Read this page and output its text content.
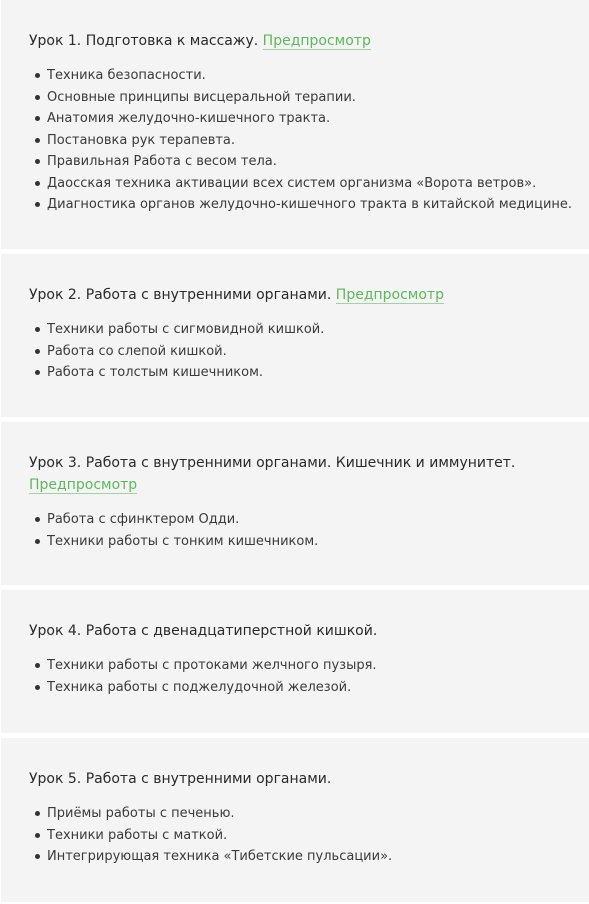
Урок 1. Подготовка к массажу. Предпросмотр
Техника безопасности.
Основные принципы висцеральной терапии.
Анатомия желудочно-кишечного тракта.
Постановка рук терапевта.
Правильная Работа с весом тела.
Даосская техника активации всех систем организма «Ворота ветров».
Диагностика органов желудочно-кишечного тракта в китайской медицине.
Урок 2. Работа с внутренними органами. Предпросмотр
Техники работы с сигмовидной кишкой.
Работа со слепой кишкой.
Работа с толстым кишечником.
Урок 3. Работа с внутренними органами. Кишечник и иммунитет. Предпросмотр
Работа с сфинктером Одди.
Техники работы с тонким кишечником.
Урок 4. Работа с двенадцатиперстной кишкой.
Техники работы с протоками желчного пузыря.
Техника работы с поджелудочной железой.
Урок 5. Работа с внутренними органами.
Приёмы работы с печенью.
Техники работы с маткой.
Интегрирующая техника «Тибетские пульсации».
